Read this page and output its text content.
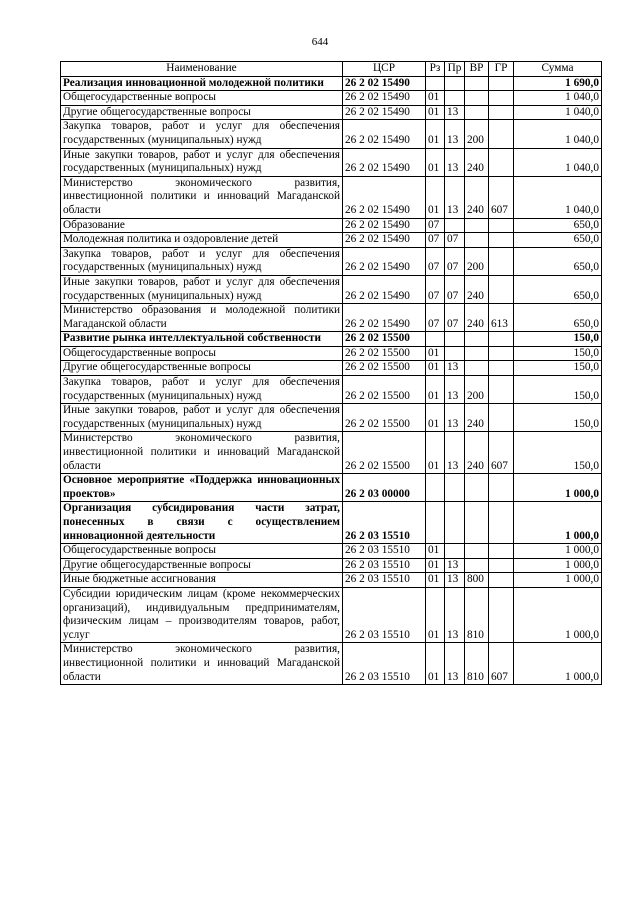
644
Наименование	ЦСР	Рз	Пр	ВР	ГР	Сумма
Реализация инновационной молодежной политики	26 2 02 15490					1 690,0
Общегосударственные вопросы	26 2 02 15490	01				1 040,0
Другие общегосударственные вопросы	26 2 02 15490	01	13			1 040,0
Закупка товаров, работ и услуг для обеспечения государственных (муниципальных) нужд	26 2 02 15490	01	13	200		1 040,0
Иные закупки товаров, работ и услуг для обеспечения государственных (муниципальных) нужд	26 2 02 15490	01	13	240		1 040,0
Министерство экономического развития, инвестиционной политики и инноваций Магаданской области	26 2 02 15490	01	13	240	607	1 040,0
Образование	26 2 02 15490	07				650,0
Молодежная политика и оздоровление детей	26 2 02 15490	07	07			650,0
Закупка товаров, работ и услуг для обеспечения государственных (муниципальных) нужд	26 2 02 15490	07	07	200		650,0
Иные закупки товаров, работ и услуг для обеспечения государственных (муниципальных) нужд	26 2 02 15490	07	07	240		650,0
Министерство образования и молодежной политики Магаданской области	26 2 02 15490	07	07	240	613	650,0
Развитие рынка интеллектуальной собственности	26 2 02 15500					150,0
Общегосударственные вопросы	26 2 02 15500	01				150,0
Другие общегосударственные вопросы	26 2 02 15500	01	13			150,0
Закупка товаров, работ и услуг для обеспечения государственных (муниципальных) нужд	26 2 02 15500	01	13	200		150,0
Иные закупки товаров, работ и услуг для обеспечения государственных (муниципальных) нужд	26 2 02 15500	01	13	240		150,0
Министерство экономического развития, инвестиционной политики и инноваций Магаданской области	26 2 02 15500	01	13	240	607	150,0
Основное мероприятие «Поддержка инновационных проектов»	26 2 03 00000					1 000,0
Организация субсидирования части затрат, понесенных в связи с осуществлением инновационной деятельности	26 2 03 15510					1 000,0
Общегосударственные вопросы	26 2 03 15510	01				1 000,0
Другие общегосударственные вопросы	26 2 03 15510	01	13			1 000,0
Иные бюджетные ассигнования	26 2 03 15510	01	13	800		1 000,0
Субсидии юридическим лицам (кроме некоммерческих организаций), индивидуальным предпринимателям, физическим лицам – производителям товаров, работ, услуг	26 2 03 15510	01	13	810		1 000,0
Министерство экономического развития, инвестиционной политики и инноваций Магаданской области	26 2 03 15510	01	13	810	607	1 000,0
